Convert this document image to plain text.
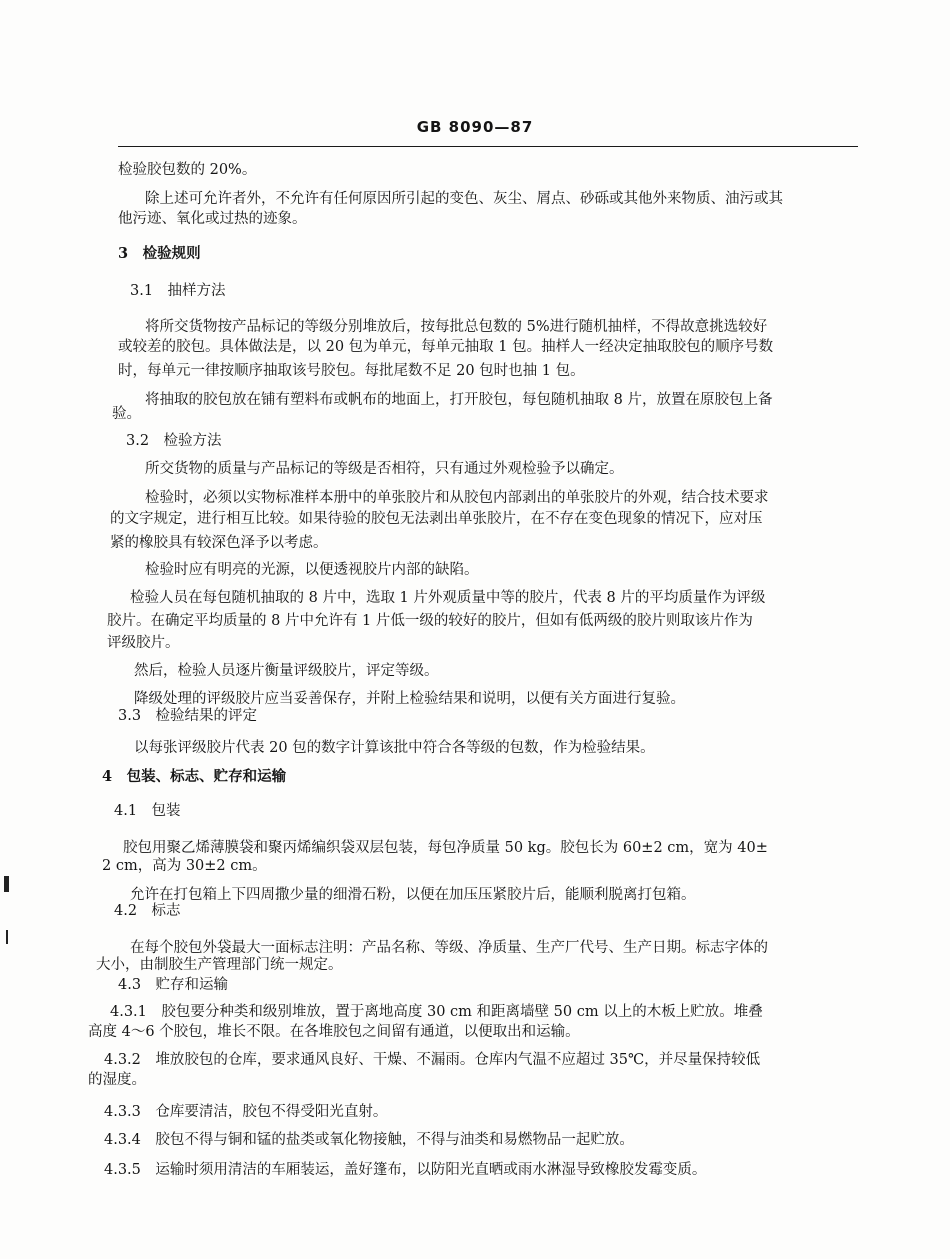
GB 8090—87
检验胶包数的 20%。
除上述可允许者外，不允许有任何原因所引起的变色、灰尘、屑点、砂砾或其他外来物质、油污或其
他污迹、氧化或过热的迹象。
3　检验规则
3.1　抽样方法
将所交货物按产品标记的等级分别堆放后，按每批总包数的 5%进行随机抽样，不得故意挑选较好
或较差的胶包。具体做法是，以 20 包为单元，每单元抽取 1 包。抽样人一经决定抽取胶包的顺序号数
时，每单元一律按顺序抽取该号胶包。每批尾数不足 20 包时也抽 1 包。
将抽取的胶包放在铺有塑料布或帆布的地面上，打开胶包，每包随机抽取 8 片，放置在原胶包上备
验。
3.2　检验方法
所交货物的质量与产品标记的等级是否相符，只有通过外观检验予以确定。
检验时，必须以实物标准样本册中的单张胶片和从胶包内部剥出的单张胶片的外观，结合技术要求
的文字规定，进行相互比较。如果待验的胶包无法剥出单张胶片，在不存在变色现象的情况下，应对压
紧的橡胶具有较深色泽予以考虑。
检验时应有明亮的光源，以便透视胶片内部的缺陷。
检验人员在每包随机抽取的 8 片中，选取 1 片外观质量中等的胶片，代表 8 片的平均质量作为评级
胶片。在确定平均质量的 8 片中允许有 1 片低一级的较好的胶片，但如有低两级的胶片则取该片作为
评级胶片。
然后，检验人员逐片衡量评级胶片，评定等级。
降级处理的评级胶片应当妥善保存，并附上检验结果和说明，以便有关方面进行复验。
3.3　检验结果的评定
以每张评级胶片代表 20 包的数字计算该批中符合各等级的包数，作为检验结果。
4　包装、标志、贮存和运输
4.1　包装
胶包用聚乙烯薄膜袋和聚丙烯编织袋双层包装，每包净质量 50 kg。胶包长为 60±2 cm，宽为 40±
2 cm，高为 30±2 cm。
允许在打包箱上下四周撒少量的细滑石粉，以便在加压压紧胶片后，能顺利脱离打包箱。
4.2　标志
在每个胶包外袋最大一面标志注明：产品名称、等级、净质量、生产厂代号、生产日期。标志字体的
大小，由制胶生产管理部门统一规定。
4.3　贮存和运输
4.3.1　胶包要分种类和级别堆放，置于离地高度 30 cm 和距离墙壁 50 cm 以上的木板上贮放。堆叠
高度 4～6 个胶包，堆长不限。在各堆胶包之间留有通道，以便取出和运输。
4.3.2　堆放胶包的仓库，要求通风良好、干燥、不漏雨。仓库内气温不应超过 35℃，并尽量保持较低
的湿度。
4.3.3　仓库要清洁，胶包不得受阳光直射。
4.3.4　胶包不得与铜和锰的盐类或氧化物接触，不得与油类和易燃物品一起贮放。
4.3.5　运输时须用清洁的车厢装运，盖好篷布，以防阳光直晒或雨水淋湿导致橡胶发霉变质。
